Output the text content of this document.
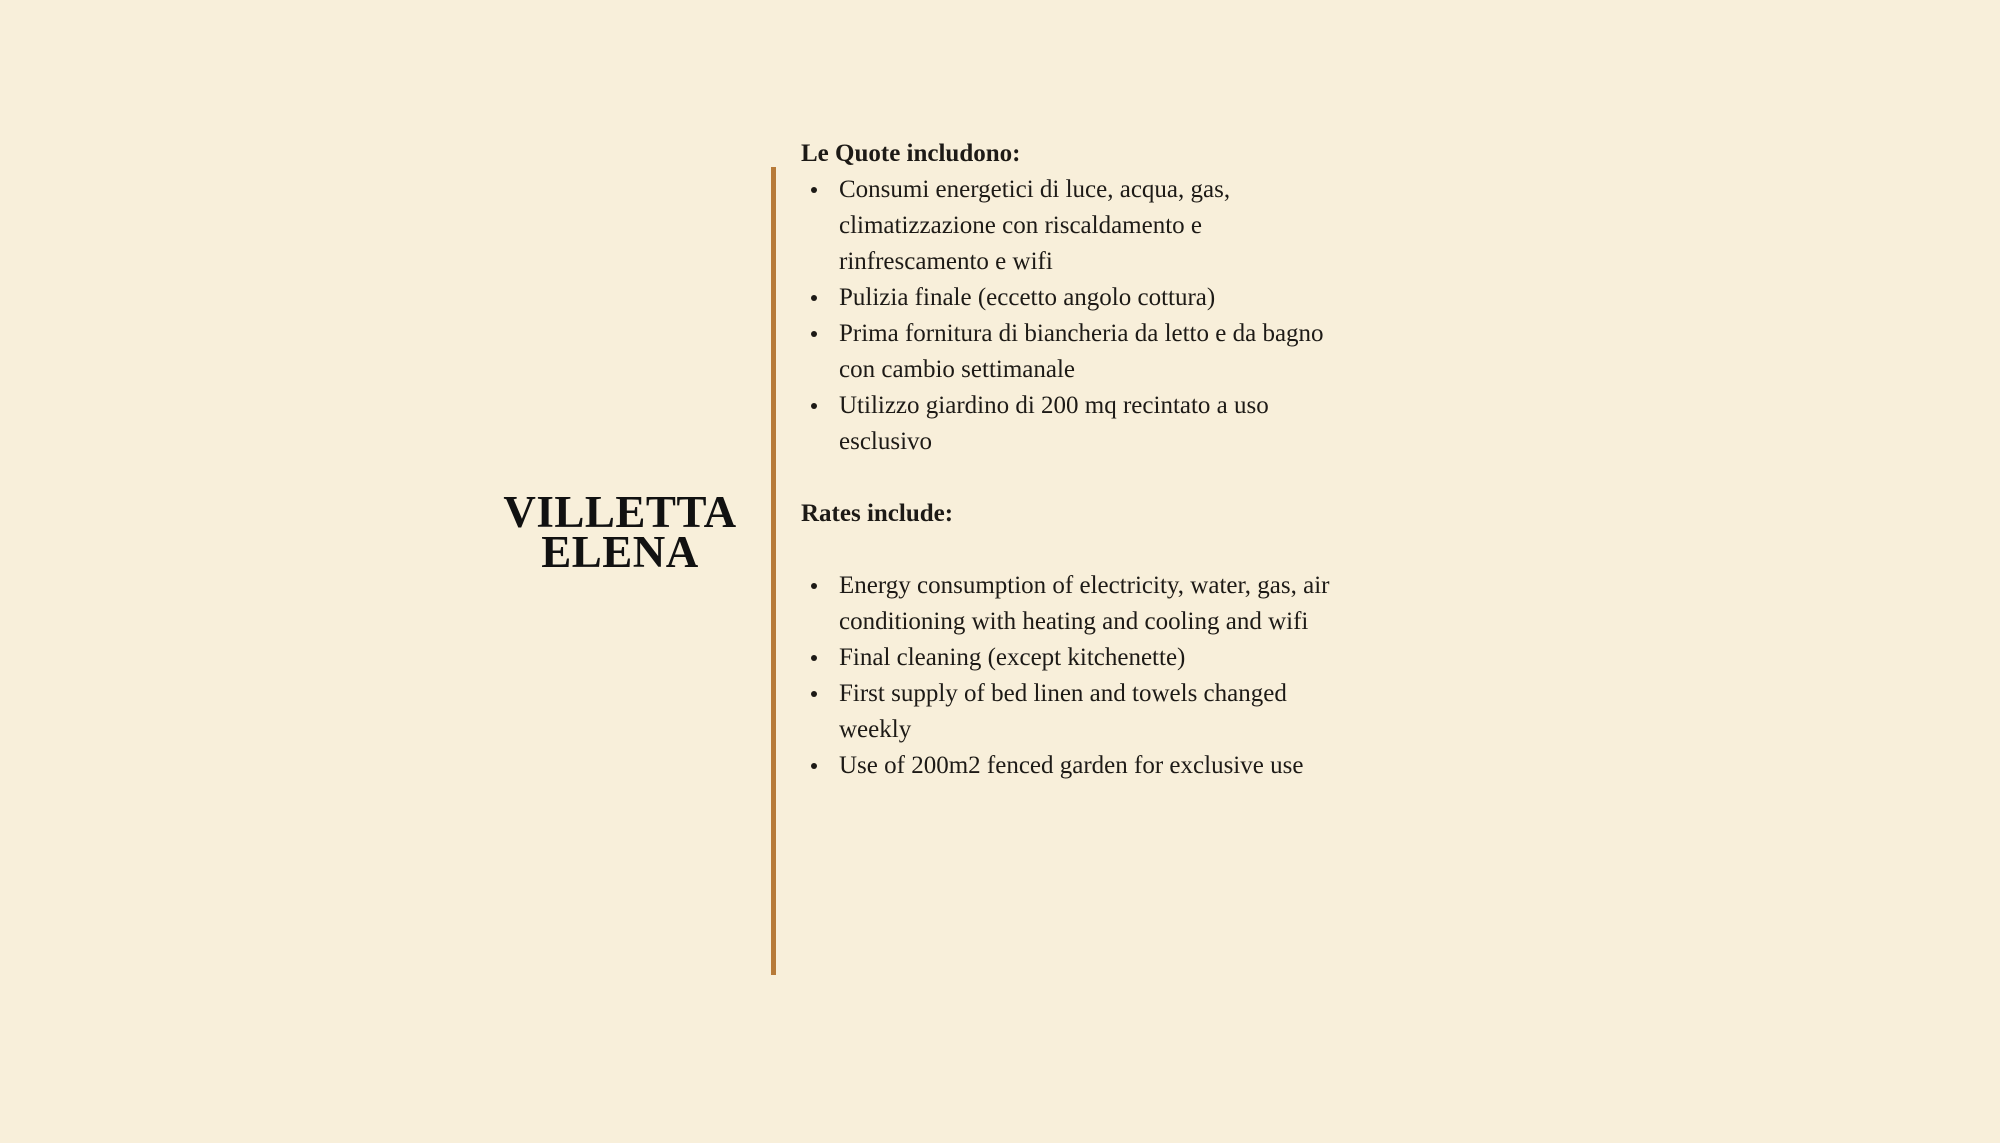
VILLETTA
ELENA

Le Quote includono:

Consumi energetici di luce, acqua, gas,
climatizzazione con riscaldamento e
rinfrescamento e wifi
Pulizia finale (eccetto angolo cottura)
Prima fornitura di biancheria da letto e da bagno
con cambio settimanale
Utilizzo giardino di 200 mq recintato a uso
esclusivo

Rates include:

Energy consumption of electricity, water, gas, air
conditioning with heating and cooling and wifi
Final cleaning (except kitchenette)
First supply of bed linen and towels changed
weekly
Use of 200m2 fenced garden for exclusive use
